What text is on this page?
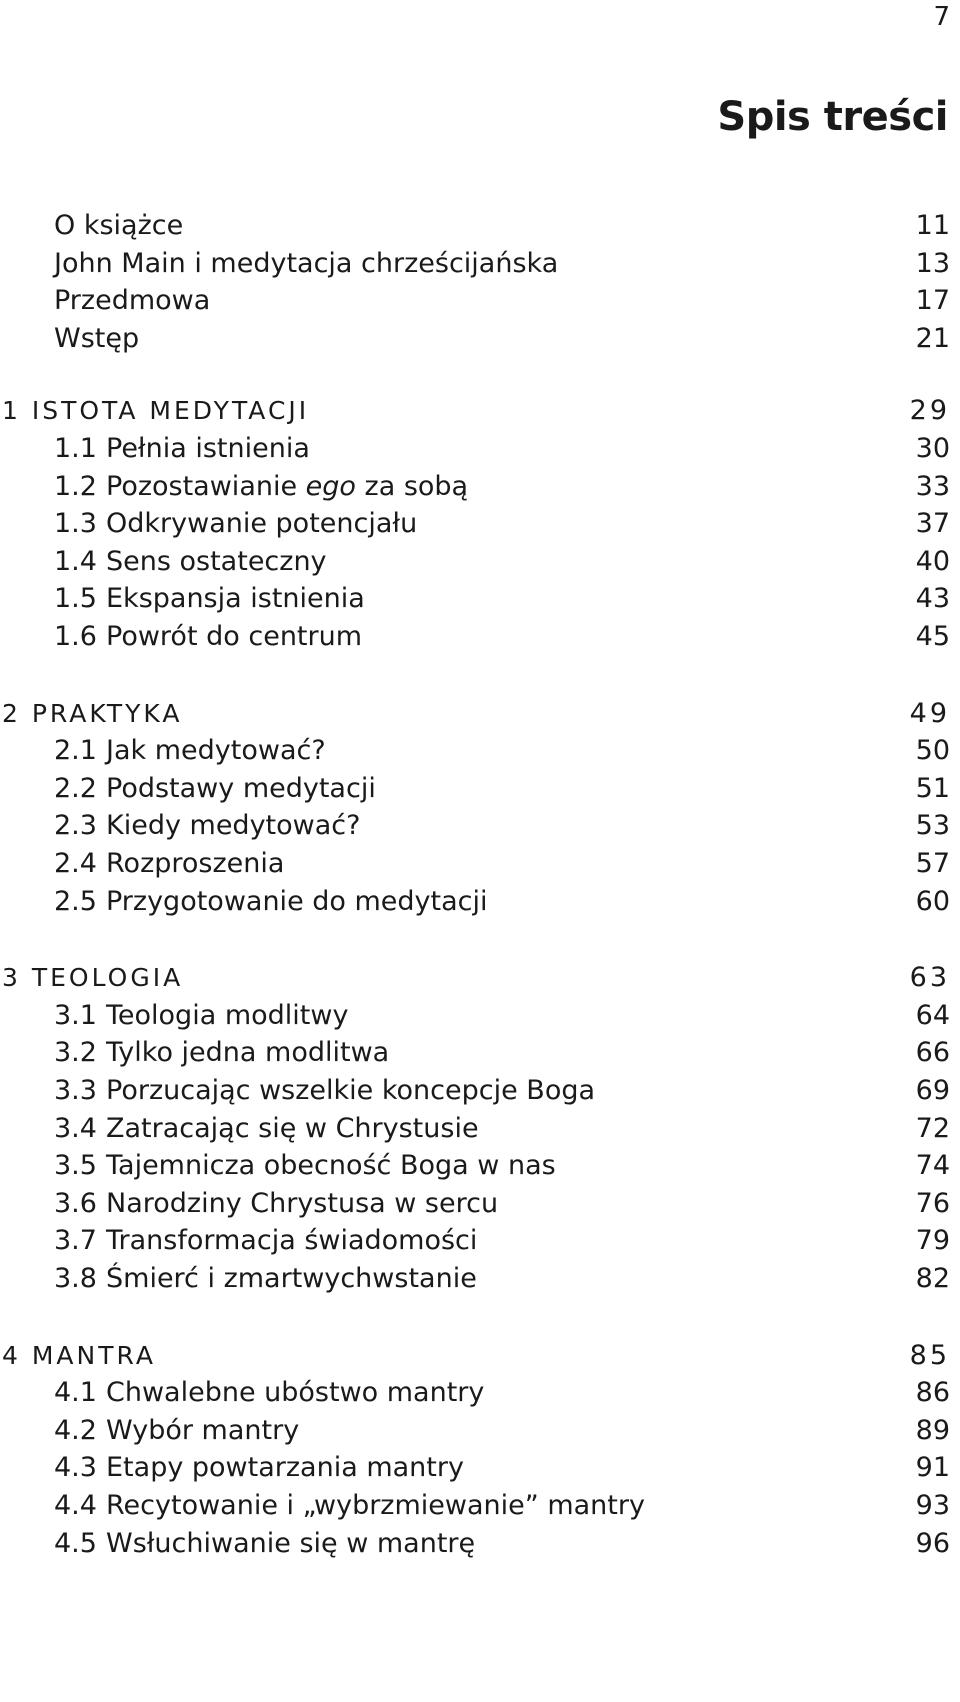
7
Spis treści
O książce	11
John Main i medytacja chrześcijańska	13
Przedmowa	17
Wstęp	21
1 ISTOTA MEDYTACJI	29
1.1 Pełnia istnienia	30
1.2 Pozostawianie ego za sobą	33
1.3 Odkrywanie potencjału	37
1.4 Sens ostateczny	40
1.5 Ekspansja istnienia	43
1.6 Powrót do centrum	45
2 PRAKTYKA	49
2.1 Jak medytować?	50
2.2 Podstawy medytacji	51
2.3 Kiedy medytować?	53
2.4 Rozproszenia	57
2.5 Przygotowanie do medytacji	60
3 TEOLOGIA	63
3.1 Teologia modlitwy	64
3.2 Tylko jedna modlitwa	66
3.3 Porzucając wszelkie koncepcje Boga	69
3.4 Zatracając się w Chrystusie	72
3.5 Tajemnicza obecność Boga w nas	74
3.6 Narodziny Chrystusa w sercu	76
3.7 Transformacja świadomości	79
3.8 Śmierć i zmartwychwstanie	82
4 MANTRA	85
4.1 Chwalebne ubóstwo mantry	86
4.2 Wybór mantry	89
4.3 Etapy powtarzania mantry	91
4.4 Recytowanie i „wybrzmiewanie” mantry	93
4.5 Wsłuchiwanie się w mantrę	96
